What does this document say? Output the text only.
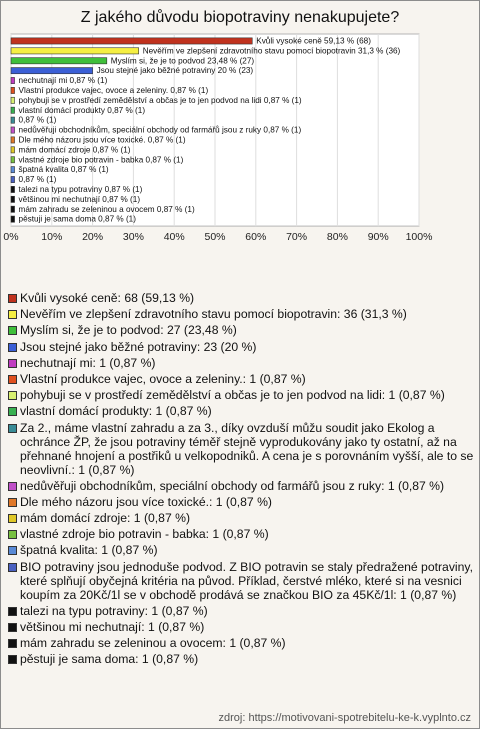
Z jakého důvodu biopotraviny nenakupujete?
0% 10% 20% 30% 40% 50% 60% 70% 80% 90% 100%
Kvůli vysoké ceně 59,13 % (68)
Nevěřím ve zlepšení zdravotního stavu pomocí biopotravin 31,3 % (36)
Myslím si, že je to podvod 23,48 % (27)
Jsou stejné jako běžné potraviny 20 % (23)
nechutnají mi 0,87 % (1)
Vlastní produkce vajec, ovoce a zeleniny. 0,87 % (1)
pohybuji se v prostředí zemědělství a občas je to jen podvod na lidi 0,87 % (1)
vlastní domácí produkty 0,87 % (1)
0,87 % (1)
nedůvěřuji obchodníkům, speciální obchody od farmářů jsou z ruky 0,87 % (1)
Dle mého názoru jsou více toxické. 0,87 % (1)
mám domácí zdroje 0,87 % (1)
vlastné zdroje bio potravin - babka 0,87 % (1)
špatná kvalita 0,87 % (1)
0,87 % (1)
talezi na typu potraviny 0,87 % (1)
většinou mi nechutnají 0,87 % (1)
mám zahradu se zeleninou a ovocem 0,87 % (1)
pěstuji je sama doma 0,87 % (1)
Kvůli vysoké ceně: 68 (59,13 %)
Nevěřím ve zlepšení zdravotního stavu pomocí biopotravin: 36 (31,3 %)
Myslím si, že je to podvod: 27 (23,48 %)
Jsou stejné jako běžné potraviny: 23 (20 %)
nechutnají mi: 1 (0,87 %)
Vlastní produkce vajec, ovoce a zeleniny.: 1 (0,87 %)
pohybuji se v prostředí zemědělství a občas je to jen podvod na lidi: 1 (0,87 %)
vlastní domácí produkty: 1 (0,87 %)
Za 2., máme vlastní zahradu a za 3., díky ovzduší můžu soudit jako Ekolog a ochránce ŽP, že jsou potraviny téměř stejně vyprodukovány jako ty ostatní, až na přehnané hnojení a postřiků u velkopodniků. A cena je s porovnáním vyšší, ale to se neovlivní.: 1 (0,87 %)
nedůvěřuji obchodníkům, speciální obchody od farmářů jsou z ruky: 1 (0,87 %)
Dle mého názoru jsou více toxické.: 1 (0,87 %)
mám domácí zdroje: 1 (0,87 %)
vlastné zdroje bio potravin - babka: 1 (0,87 %)
špatná kvalita: 1 (0,87 %)
BIO potraviny jsou jednoduše podvod. Z BIO potravin se staly předražené potraviny, které splňují obyčejná kritéria na původ. Příklad, čerstvé mléko, které si na vesnici koupím za 20Kč/1l se v obchodě prodává se značkou BIO za 45Kč/1l: 1 (0,87 %)
talezi na typu potraviny: 1 (0,87 %)
většinou mi nechutnají: 1 (0,87 %)
mám zahradu se zeleninou a ovocem: 1 (0,87 %)
pěstuji je sama doma: 1 (0,87 %)
zdroj: https://motivovani-spotrebitelu-ke-k.vyplnto.cz
